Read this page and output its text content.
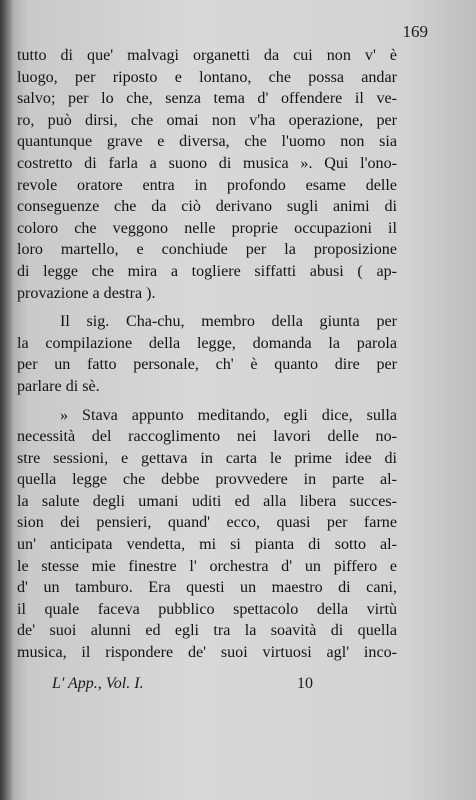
169
tutto di que' malvagi organetti da cui non v' è
luogo, per riposto e lontano, che possa andar
salvo; per lo che, senza tema d' offendere il ve-
ro, può dirsi, che omai non v'ha operazione, per
quantunque grave e diversa, che l'uomo non sia
costretto di farla a suono di musica ». Qui l'ono-
revole oratore entra in profondo esame delle
conseguenze che da ciò derivano sugli animi di
coloro che veggono nelle proprie occupazioni il
loro martello, e conchiude per la proposizione
di legge che mira a togliere siffatti abusi ( ap-
provazione a destra ).
Il sig. Cha-chu, membro della giunta per
la compilazione della legge, domanda la parola
per un fatto personale, ch' è quanto dire per
parlare di sè.
» Stava appunto meditando, egli dice, sulla
necessità del raccoglimento nei lavori delle no-
stre sessioni, e gettava in carta le prime idee di
quella legge che debbe provvedere in parte al-
la salute degli umani uditi ed alla libera succes-
sion dei pensieri, quand' ecco, quasi per farne
un' anticipata vendetta, mi si pianta di sotto al-
le stesse mie finestre l' orchestra d' un piffero e
d' un tamburo. Era questi un maestro di cani,
il quale faceva pubblico spettacolo della virtù
de' suoi alunni ed egli tra la soavità di quella
musica, il rispondere de' suoi virtuosi agl' inco-
L' App., Vol. I.	10
